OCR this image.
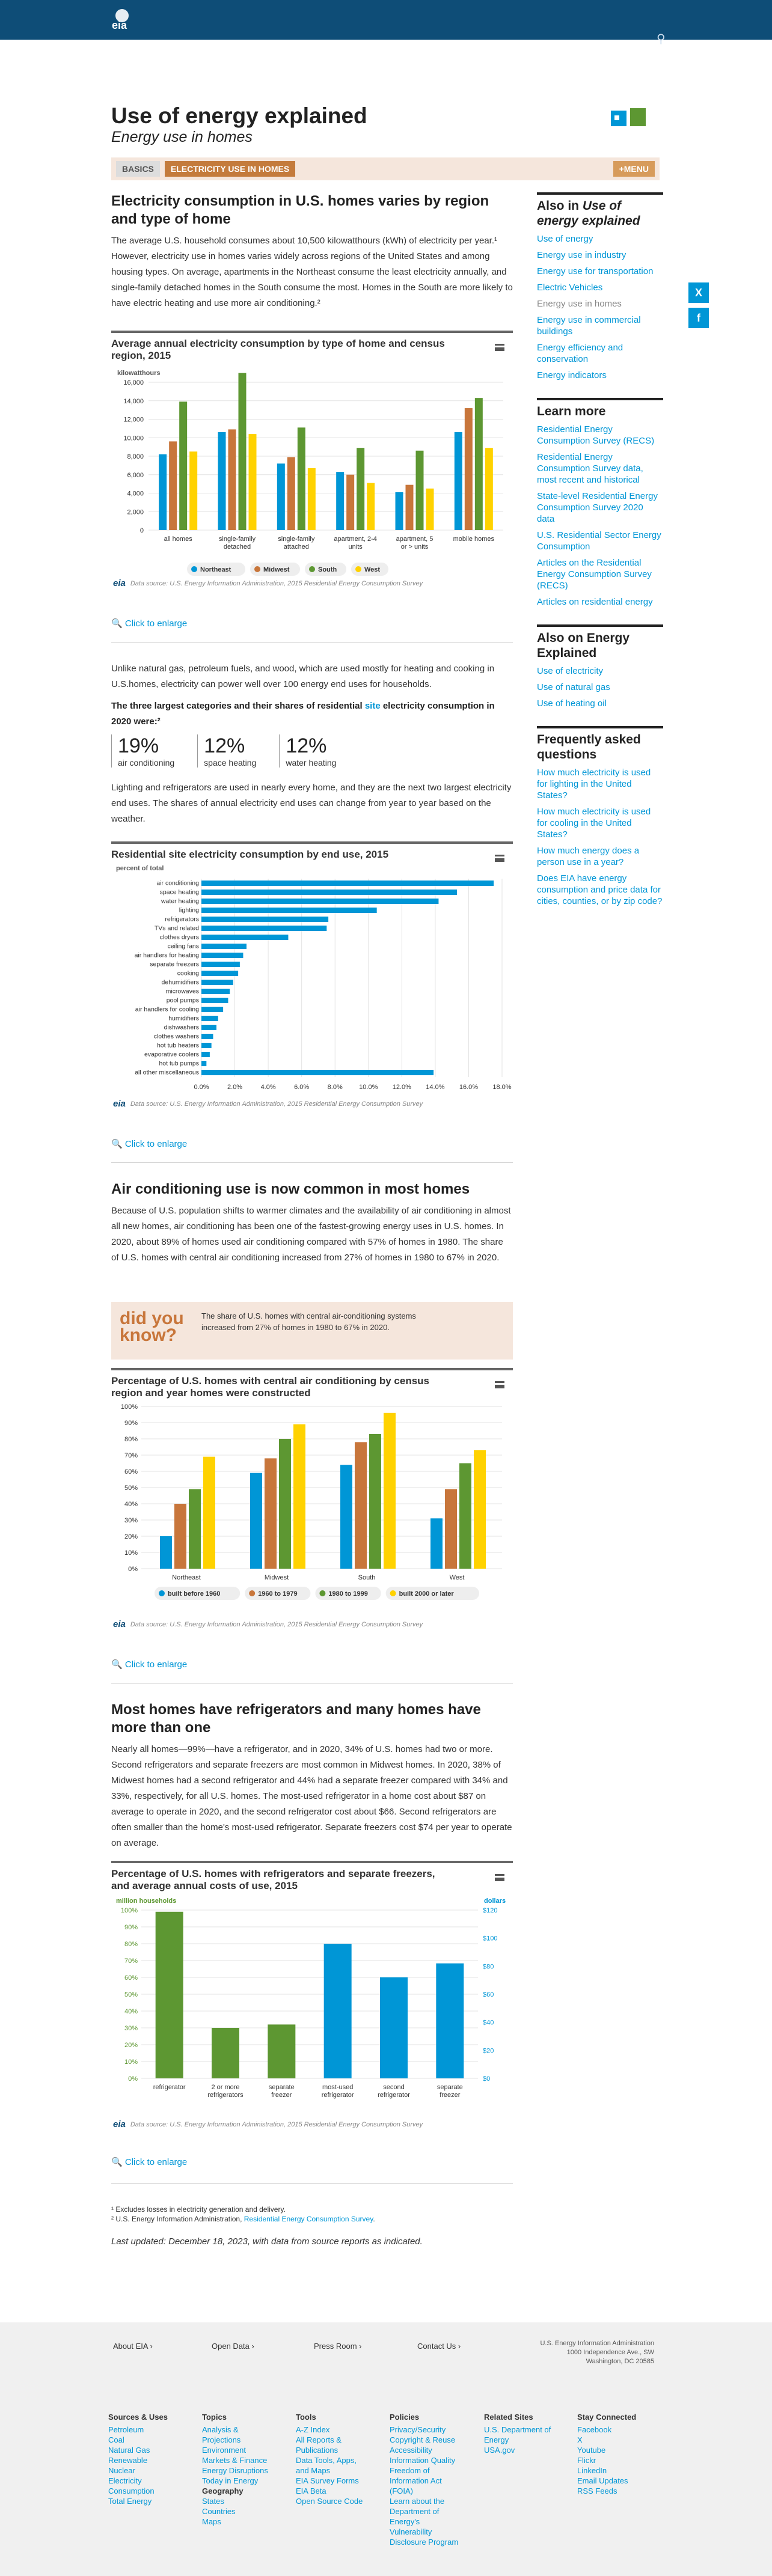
eia
⚲
Use of energy explained
Energy use in homes
BASICS	ELECTRICITY USE IN HOMES	+MENU
Electricity consumption in U.S. homes varies by region and type of home

The average U.S. household consumes about 10,500 kilowatthours (kWh) of electricity per year.¹ However, electricity use in homes varies widely across regions of the United States and among housing types. On average, apartments in the Northeast consume the least electricity annually, and single-family detached homes in the South consume the most. Homes in the South are more likely to have electric heating and use more air conditioning.²

Average annual electricity consumption by type of home and census region, 2015
kilowatthours
0
2,000
4,000
6,000
8,000
10,000
12,000
14,000
16,000
all homes	single-family
detached
single-family
attached
apartment, 2-4
units
apartment, 5
or > units
mobile homes
Northeast	Midwest	South	West
eia Data source: U.S. Energy Information Administration, 2015 Residential Energy Consumption Survey
🔍 Click to enlarge

Unlike natural gas, petroleum fuels, and wood, which are used mostly for heating and cooking in U.S.homes, electricity can power well over 100 energy end uses for households.

The three largest categories and their shares of residential site electricity consumption in 2020 were:²

19%
air conditioning
12%
space heating
12%
water heating

Lighting and refrigerators are used in nearly every home, and they are the next two largest electricity end uses. The shares of annual electricity end uses can change from year to year based on the weather.

Residential site electricity consumption by end use, 2015
percent of total
0.0%	2.0%	4.0%	6.0%	8.0% 10.0% 12.0% 14.0% 16.0% 18.0%
air conditioning
space heating
water heating
lighting
refrigerators
TVs and related
clothes dryers
ceiling fans
air handlers for heating
separate freezers
cooking
dehumidifiers
microwaves
pool pumps
air handlers for cooling
humidifiers
dishwashers
clothes washers
hot tub heaters
evaporative coolers
hot tub pumps
all other miscellaneous
eia Data source: U.S. Energy Information Administration, 2015 Residential Energy Consumption Survey
🔍 Click to enlarge
Air conditioning use is now common in most homes

Because of U.S. population shifts to warmer climates and the availability of air conditioning in almost all new homes, air conditioning has been one of the fastest-growing energy uses in U.S. homes. In 2020, about 89% of homes used air conditioning compared with 57% of homes in 1980. The share of U.S. homes with central air conditioning increased from 27% of homes in 1980 to 67% in 2020.

did you
know?
The share of U.S. homes with central air-conditioning systems increased from 27% of homes in 1980 to 67% in 2020.
Percentage of U.S. homes with central air conditioning by census region and year homes were constructed
0%
10%
20%
30%
40%
50%
60%
70%
80%
90%
100%
Northeast	Midwest	South	West
built before 1960	1960 to 1979	1980 to 1999	built 2000 or later
eia Data source: U.S. Energy Information Administration, 2015 Residential Energy Consumption Survey
🔍 Click to enlarge
Most homes have refrigerators and many homes have more than one

Nearly all homes—99%—have a refrigerator, and in 2020, 34% of U.S. homes had two or more. Second refrigerators and separate freezers are most common in Midwest homes. In 2020, 38% of Midwest homes had a second refrigerator and 44% had a separate freezer compared with 34% and 33%, respectively, for all U.S. homes. The most-used refrigerator in a home cost about $87 on average to operate in 2020, and the second refrigerator cost about $66. Second refrigerators are often smaller than the home's most-used refrigerator. Separate freezers cost $74 per year to operate on average.

Percentage of U.S. homes with refrigerators and separate freezers, and average annual costs of use, 2015
million households	dollars
0%
10%
20%
30%
40%
50%
60%
70%
80%
90%
100%
$0
$20
$40
$60
$80
$100
$120
refrigerator	2 or more
refrigerators
separate
freezer
most-used
refrigerator
second
refrigerator
separate
freezer
eia Data source: U.S. Energy Information Administration, 2015 Residential Energy Consumption Survey
🔍 Click to enlarge
¹ Excludes losses in electricity generation and delivery.
² U.S. Energy Information Administration, Residential Energy Consumption Survey.
Last updated: December 18, 2023, with data from source reports as indicated.
Also in Use of energy explained
Use of energy
Energy use in industry
Energy use for transportation
Electric Vehicles
Energy use in homes
Energy use in commercial buildings
Energy efficiency and conservation
Energy indicators
Learn more
Residential Energy Consumption Survey (RECS)
Residential Energy Consumption Survey data, most recent and historical
State-level Residential Energy Consumption Survey 2020 data
U.S. Residential Sector Energy Consumption
Articles on the Residential Energy Consumption Survey (RECS)
Articles on residential energy
Also on Energy Explained
Use of electricity
Use of natural gas
Use of heating oil
Frequently asked questions
How much electricity is used for lighting in the United States?
How much electricity is used for cooling in the United States?
How much energy does a person use in a year?
Does EIA have energy consumption and price data for cities, counties, or by zip code?
X
f
About EIA ›	Open Data ›	Press Room ›	Contact Us ›	U.S. Energy Information Administration
1000 Independence Ave., SW
Washington, DC 20585
Sources & Uses
Petroleum
Coal
Natural Gas
Renewable
Nuclear
Electricity
Consumption
Total Energy
Topics
Analysis & Projections
Environment
Markets & Finance
Energy Disruptions
Today in Energy
Geography
States
Countries
Maps
Tools
A-Z Index
All Reports & Publications
Data Tools, Apps, and Maps
EIA Survey Forms
EIA Beta
Open Source Code
Policies
Privacy/Security
Copyright & Reuse
Accessibility
Information Quality
Freedom of Information Act (FOIA)
Learn about the Department of Energy's Vulnerability Disclosure Program
Related Sites
U.S. Department of Energy
USA.gov
Stay Connected
Facebook
X
Youtube
Flickr
LinkedIn
Email Updates
RSS Feeds
